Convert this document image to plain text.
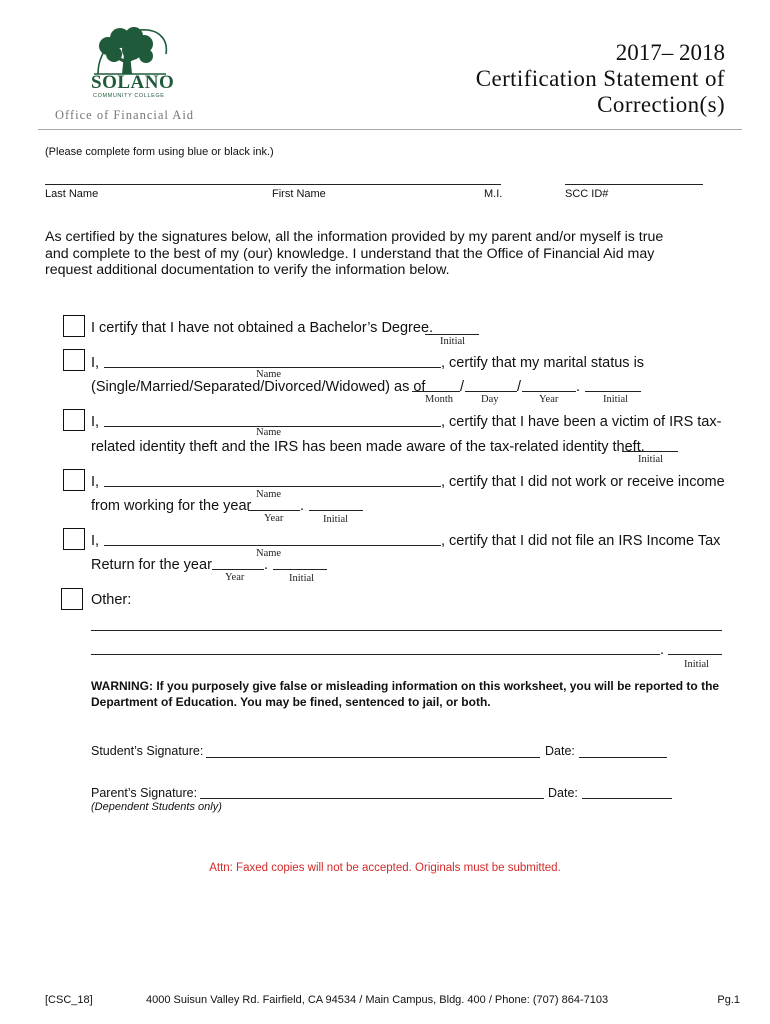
SOLANO
COMMUNITY COLLEGE
Office of Financial Aid
2017– 2018
Certification Statement of
Correction(s)
(Please complete form using blue or black ink.)
Last Name	First Name	M.I.	SCC ID#
As certified by the signatures below, all the information provided by my parent and/or myself is true and complete to the best of my (our) knowledge. I understand that the Office of Financial Aid may request additional documentation to verify the information below.
I certify that I have not obtained a Bachelor’s Degree.
Initial
I,	, certify that my marital status is
Name
(Single/Married/Separated/Divorced/Widowed) as of /	/	.
Month	Day	Year	Initial
I,	, certify that I have been a victim of IRS tax-
Name
related identity theft and the IRS has been made aware of the tax-related identity theft.
Initial
I,	, certify that I did not work or receive income
Name
from working for the year	.
Year	Initial
I,	, certify that I did not file an IRS Income Tax
Name
Return for the year	.
Year	Initial
Other:
.
Initial
WARNING: If you purposely give false or misleading information on this worksheet, you will be reported to the Department of Education. You may be fined, sentenced to jail, or both.
Student’s Signature:	Date:
Parent’s Signature:	Date:
(Dependent Students only)
Attn: Faxed copies will not be accepted. Originals must be submitted.
[CSC_18]	4000 Suisun Valley Rd. Fairfield, CA 94534 / Main Campus, Bldg. 400 / Phone: (707) 864-7103	Pg.1
